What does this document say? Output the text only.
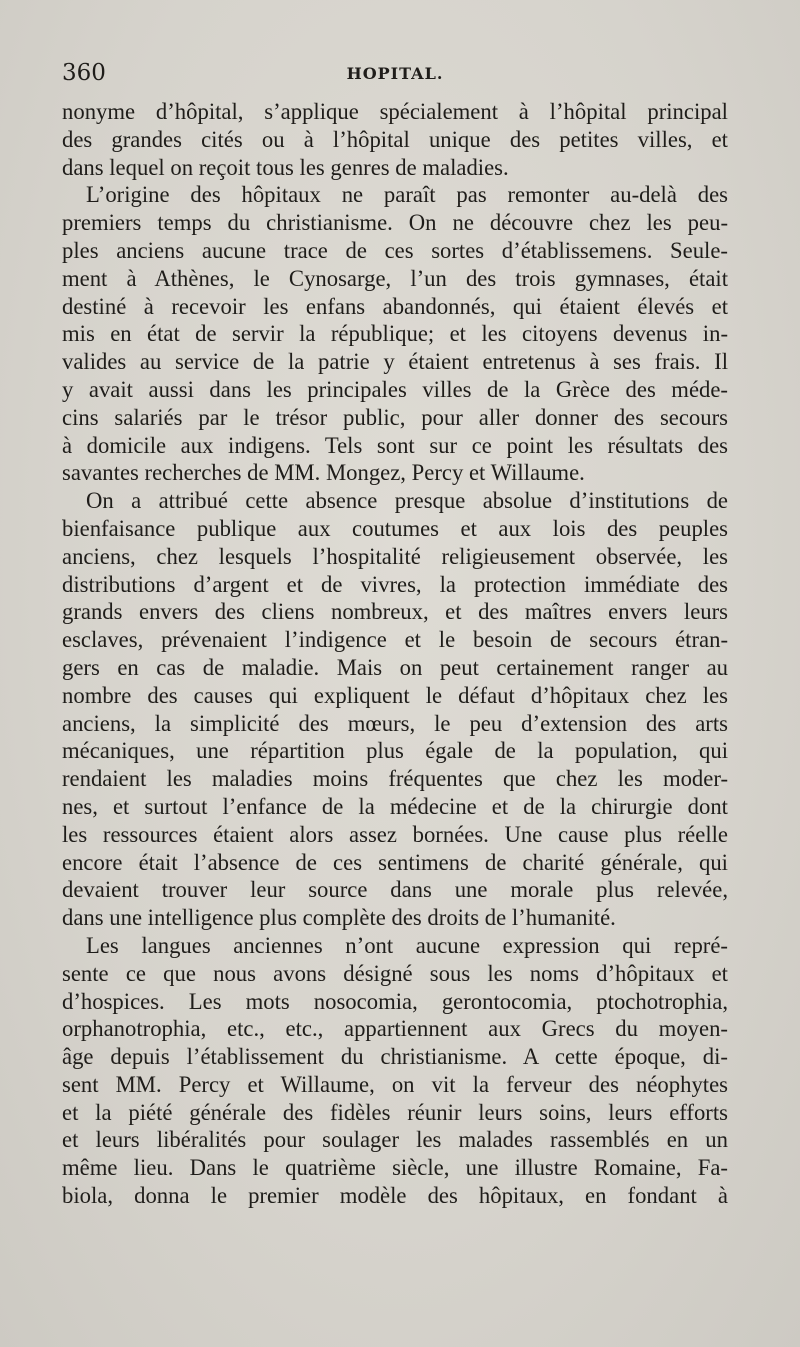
360	HOPITAL.
nonyme d’hôpital, s’applique spécialement à l’hôpital principal
des grandes cités ou à l’hôpital unique des petites villes, et
dans lequel on reçoit tous les genres de maladies.
L’origine des hôpitaux ne paraît pas remonter au-delà des
premiers temps du christianisme. On ne découvre chez les peu-
ples anciens aucune trace de ces sortes d’établissemens. Seule-
ment à Athènes, le Cynosarge, l’un des trois gymnases, était
destiné à recevoir les enfans abandonnés, qui étaient élevés et
mis en état de servir la république; et les citoyens devenus in-
valides au service de la patrie y étaient entretenus à ses frais. Il
y avait aussi dans les principales villes de la Grèce des méde-
cins salariés par le trésor public, pour aller donner des secours
à domicile aux indigens. Tels sont sur ce point les résultats des
savantes recherches de MM. Mongez, Percy et Willaume.
On a attribué cette absence presque absolue d’institutions de
bienfaisance publique aux coutumes et aux lois des peuples
anciens, chez lesquels l’hospitalité religieusement observée, les
distributions d’argent et de vivres, la protection immédiate des
grands envers des cliens nombreux, et des maîtres envers leurs
esclaves, prévenaient l’indigence et le besoin de secours étran-
gers en cas de maladie. Mais on peut certainement ranger au
nombre des causes qui expliquent le défaut d’hôpitaux chez les
anciens, la simplicité des mœurs, le peu d’extension des arts
mécaniques, une répartition plus égale de la population, qui
rendaient les maladies moins fréquentes que chez les moder-
nes, et surtout l’enfance de la médecine et de la chirurgie dont
les ressources étaient alors assez bornées. Une cause plus réelle
encore était l’absence de ces sentimens de charité générale, qui
devaient trouver leur source dans une morale plus relevée,
dans une intelligence plus complète des droits de l’humanité.
Les langues anciennes n’ont aucune expression qui repré-
sente ce que nous avons désigné sous les noms d’hôpitaux et
d’hospices. Les mots nosocomia, gerontocomia, ptochotrophia,
orphanotrophia, etc., etc., appartiennent aux Grecs du moyen-
âge depuis l’établissement du christianisme. A cette époque, di-
sent MM. Percy et Willaume, on vit la ferveur des néophytes
et la piété générale des fidèles réunir leurs soins, leurs efforts
et leurs libéralités pour soulager les malades rassemblés en un
même lieu. Dans le quatrième siècle, une illustre Romaine, Fa-
biola, donna le premier modèle des hôpitaux, en fondant à
